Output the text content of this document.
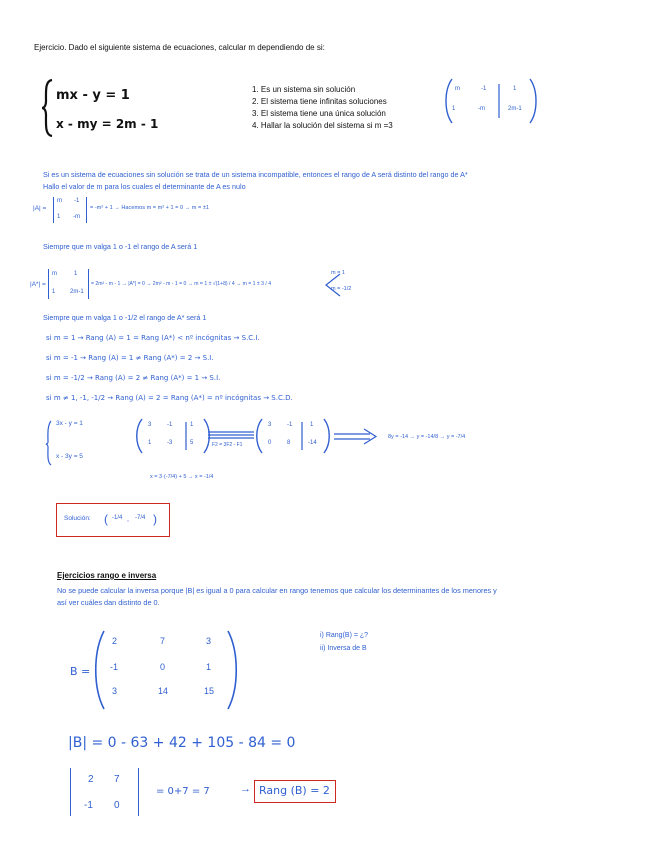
Ejercicio. Dado el siguiente sistema de ecuaciones, calcular m dependiendo de si:
mx - y = 1
x - my = 2m - 1
1. Es un sistema sin solución
2. El sistema tiene infinitas soluciones
3. El sistema tiene una única solución
4. Hallar la solución del sistema si m =3
m	-1	1
1	-m	2m-1
Si es un sistema de ecuaciones sin solución se trata de un sistema incompatible, entonces el rango de A será distinto del rango de A*
Hallo el valor de m para los cuales el determinante de A es nulo
|A| =
m -1
1 -m
= -m² + 1 → Hacemos m = m² + 1 = 0 → m = ±1
Siempre que m valga 1 o -1 el rango de A será 1
|A*| =
m	1
1 2m-1
= 2m² - m - 1 → |A*| = 0 → 2m² - m - 1 = 0 → m = 1 ± √(1+8) / 4 → m = 1 ± 3 / 4
m = 1
m = -1/2
Siempre que m valga 1 o -1/2 el rango de A* será 1
si m = 1 → Rang (A) = 1 = Rang (A*) < nº incógnitas → S.C.I.
si m = -1 → Rang (A) = 1 ≠ Rang (A*) = 2 → S.I.
si m = -1/2 → Rang (A) = 2 ≠ Rang (A*) = 1 → S.I.
si m ≠ 1, -1, -1/2 → Rang (A) = 2 = Rang (A*) = nº incógnitas → S.C.D.
3x - y = 1
x - 3y = 5
3	-1	1
1	-3	5	F2 = 3F2 - F1
3	-1	1
0	8	-14
8y = -14 → y = -14/8 → y = -7/4
x = 3·(-7/4) + 5 → x = -1/4
Solución: ( -1/4 , -7/4 )
Ejercicios rango e inversa
No se puede calcular la inversa porque |B| es igual a 0 para calcular en rango tenemos que calcular los determinantes de los menores y así ver cuáles dan distinto de 0.
B =
2	7	3
-1	0	1
3	14	15
i) Rang(B) = ¿?
ii) Inversa de B
|B| = 0 - 63 + 42 + 105 - 84 = 0
2 7
-1 0
= 0+7 = 7	→ Rang (B) = 2
